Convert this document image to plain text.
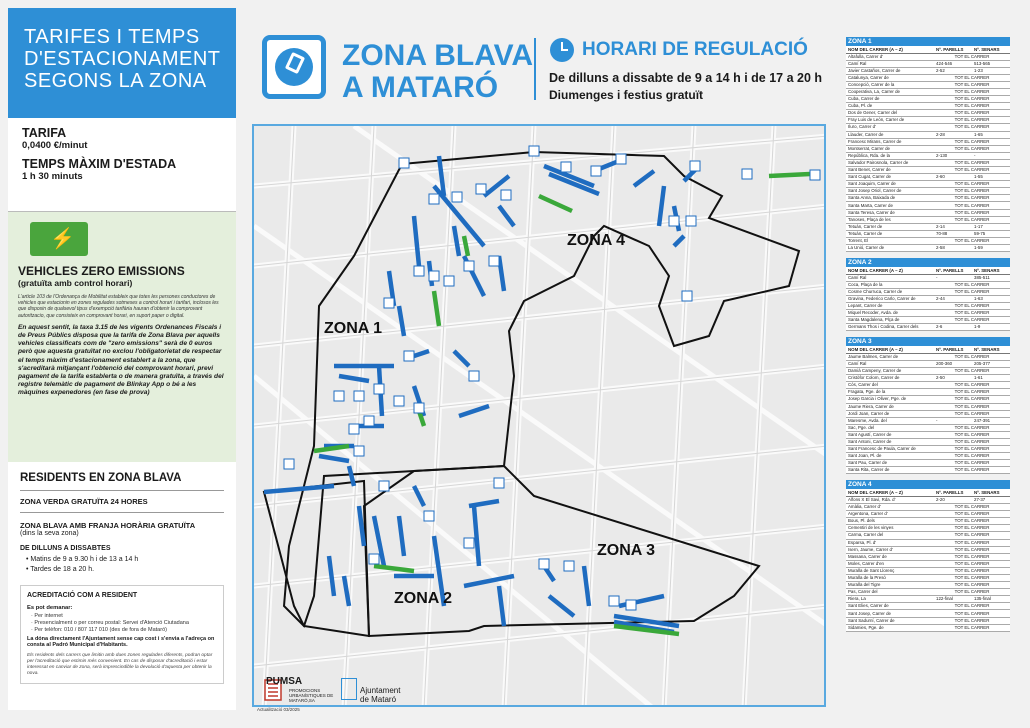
TARIFES I TEMPS
D'ESTACIONAMENT
SEGONS LA ZONA
TARIFA
0,0400 €/minut
TEMPS MÀXIM D'ESTADA
1 h 30 minuts
⚡
VEHICLES ZERO EMISSIONS
(gratuïta amb control horari)
L'article 103 de l'Ordenança de Mobilitat estableix que totes les persones conductores de vehicles que estacionin en zones regulades sotmeses a control horari i tarifari, inclosos les que disposin de qualsevol tipus d'exempció tarifària hauran d'obtenir la comprovant autoritzacio, que consisteix en comprovant horari, en suport paper o digital.
En aquest sentit, la taxa 3.15 de les vigents Ordenances Fiscals i de Preus Públics disposa que la tarifa de Zona Blava per aquells vehicles classificats com de "zero emissions" serà de 0 euros però que aquesta gratuïtat no exclou l'obligatorietat de respectar el temps màxim d'estacionament establert a la zona, que s'acreditarà mitjançant l'obtenció del comprovant horari, previ pagament de la tarifa establerta o de manera gratuïta, a través del registre telemàtic de pagament de Blinkay App o bé a les màquines expenedores (en fase de prova)
RESIDENTS EN ZONA BLAVA
ZONA VERDA GRATUÏTA 24 HORES
ZONA BLAVA AMB FRANJA HORÀRIA GRATUÏTA
(dins la seva zona)
DE DILLUNS A DISSABTES
• Matins de 9 a 9.30 h i de 13 a 14 h
• Tardes de 18 a 20 h.
ACREDITACIÓ COM A RESIDENT
Es pot demanar:
· Per internet
· Presencialment o per correu postal: Servei d'Atenció Ciutadana
· Per telèfon: 010 / 807 117 010 (des de fora de Mataró)
La dóna directament l'Ajuntament sense cap cost i s'envia a l'adreça on consta al Padró Municipal d'Habitants.
Els residents dels carrers que limitin amb dues zones regulades diferents, podran optar per l'acreditació que estimin més convenient. En cas de disposar d'acreditació i estar interessat en canviar de zona, serà imprescindible la devolució d'aquesta per obtenir la nova.
ZONA BLAVA
A MATARÓ
HORARI DE REGULACIÓ
De dilluns a dissabte de 9 a 14 h i de 17 a 20 h
Diumenges i festius gratuït
ZONA 4
ZONA 1
ZONA 3
ZONA 2
PUMSA
PROMOCIONS URBANÍSTIQUES DE MATARÓ,SA
Ajuntament
de Mataró
Actualització 03/2025
ZONA 1
NOM DEL CARRER (A – Z)	Nº. PARELLS	Nº. SENARS
Altafulla, Carrer d'	TOT EL CARRER	
Camí Ral	424-546	513-565
Javier Castaños, Carrer de	2-52	1-23
Catalunya, Carrer de	TOT EL CARRER	
Concepció, Carrer de la	TOT EL CARRER	
Cooperativa, La, Carrer de	TOT EL CARRER	
Cuba, Carrer de	TOT EL CARRER	
Cuba, Pl. de	TOT EL CARRER	
Dos de Gener, Carrer del	TOT EL CARRER	
Fray Luis de León, Carrer de	TOT EL CARRER	
Iluro, Carrer d'	TOT EL CARRER	
Llauder, Carrer de	2-28	1-65
Francesc Mirans, Carrer de	TOT EL CARRER	
Montserrat, Carrer de	TOT EL CARRER	
República, Rda. de la	2-130	-
Salvador Pairosnola, Carrer de	TOT EL CARRER	
Sant Benet, Carrer de	TOT EL CARRER	
Sant Cugat, Carrer de	2-60	1-55
Sant Joaquim, Carrer de	TOT EL CARRER	
Sant Josep Oriol, Carrer de	TOT EL CARRER	
Santa Anna, Baixada de	TOT EL CARRER	
Santa Marta, Carrer de	TOT EL CARRER	
Santa Teresa, Carrer de	TOT EL CARRER	
Tanoses, Plaça de les	TOT EL CARRER	
Tetuán, Carrer de	2-14	1-17
Tetuán, Carrer de	70-88	59-75
Torrent, El	TOT EL CARRER	
La Unió, Carrer de	2-58	1-59
ZONA 2
NOM DEL CARRER (A – Z)	Nº. PARELLS	Nº. SENARS
Camí Ral	-	385-511
Coca, Plaça de la	TOT EL CARRER	
Cosme Churruca, Carrer de	TOT EL CARRER	
Gravina, Federico Carlo, Carrer de	2-44	1-63
Lepant, Carrer de	TOT EL CARRER	
Miquel Recoder, Avda. de	TOT EL CARRER	
Santa Magdalena, Plça de	TOT EL CARRER	
Germans Thos i Codina, Carrer dels	2-6	1-9
ZONA 3
NOM DEL CARRER (A – Z)	Nº. PARELLS	Nº. SENARS
Jaume Balmes, Carrer de	TOT EL CARRER	
Camí Ral	200-360	205-377
Damià Campeny, Carrer de	TOT EL CARRER	
Cristòfor Colom, Carrer de	2-50	1-61
Cós, Carrer del	TOT EL CARRER	
Fragata, Pge. de la	TOT EL CARRER	
Josep Garcia i Oliver, Pge. de	TOT EL CARRER	
Jaume Riera, Carrer de	TOT EL CARRER	
Jordi Joan, Carrer de	TOT EL CARRER	
Maresme, Avda. del	-	247-391
Sac, Pge. del	TOT EL CARRER	
Sant Agustí, Carrer de	TOT EL CARRER	
Sant Antoni, Carrer de	TOT EL CARRER	
Sant Francesc de Paula, Carrer de	TOT EL CARRER	
Sant Joan, Pl. de	TOT EL CARRER	
Sant Pau, Carrer de	TOT EL CARRER	
Santa Rita, Carrer de	TOT EL CARRER	
ZONA 4
NOM DEL CARRER (A – Z)	Nº. PARELLS	Nº. SENARS
Alfons X El Savi, Rda. d'	2-20	27-37
Amàlia, Carrer d'	TOT EL CARRER	
Argentona, Carrer d'	TOT EL CARRER	
Bous, Pl. dels	TOT EL CARRER	
Cementiri de les vinyes	TOT EL CARRER	
Carma, Carrer del	TOT EL CARRER	
Esparsa, Pl. d'	TOT EL CARRER	
Isern, Jaume, Carrer d'	TOT EL CARRER	
Massana, Carrer de	TOT EL CARRER	
Moles, Carrer d'en	TOT EL CARRER	
Muralla de Sant Llorenç	TOT EL CARRER	
Muralla de la Presó	TOT EL CARRER	
Muralla del Tigre	TOT EL CARRER	
Pas, Carrer del	TOT EL CARRER	
Riera, La	122-final	135-final
Sant Elies, Carrer de	TOT EL CARRER	
Sant Josep, Carrer de	TOT EL CARRER	
Sant Sadurní, Carrer de	TOT EL CARRER	
Sidamies, Pge. de	TOT EL CARRER	
